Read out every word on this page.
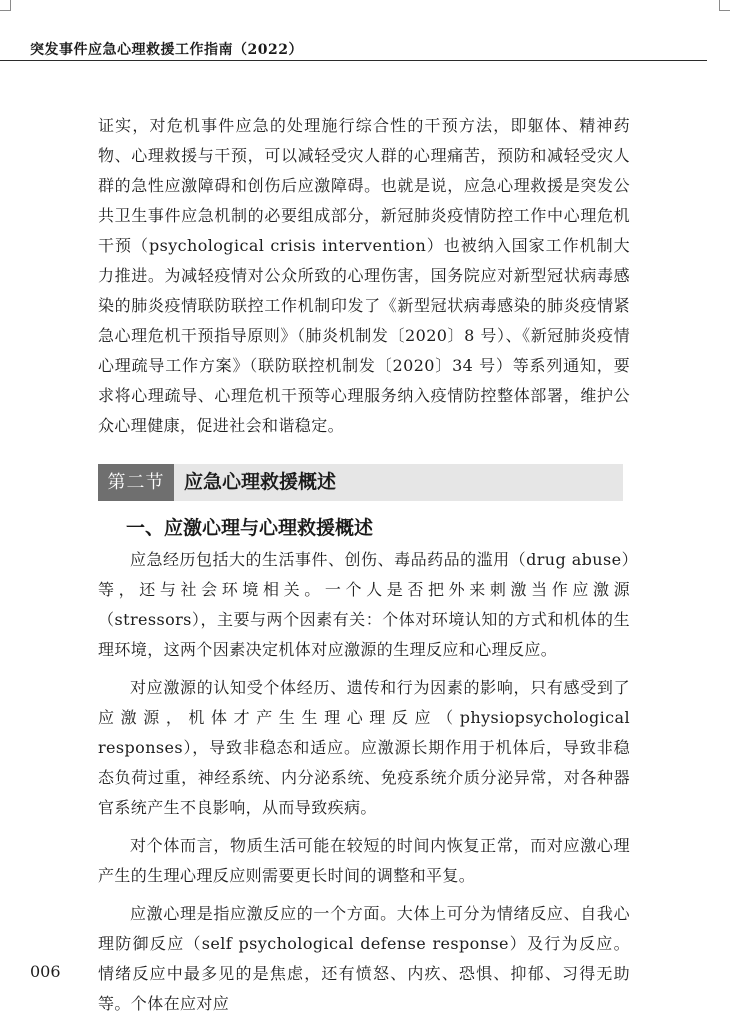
突发事件应急心理救援工作指南（2022）

证实，对危机事件应急的处理施行综合性的干预方法，即躯体、精神药物、心理救援与干预，可以减轻受灾人群的心理痛苦，预防和减轻受灾人群的急性应激障碍和创伤后应激障碍。也就是说，应急心理救援是突发公共卫生事件应急机制的必要组成部分，新冠肺炎疫情防控工作中心理危机干预（psychological crisis intervention）也被纳入国家工作机制大力推进。为减轻疫情对公众所致的心理伤害，国务院应对新型冠状病毒感染的肺炎疫情联防联控工作机制印发了《新型冠状病毒感染的肺炎疫情紧急心理危机干预指导原则》（肺炎机制发〔2020〕8 号）、《新冠肺炎疫情心理疏导工作方案》（联防联控机制发〔2020〕34 号）等系列通知，要求将心理疏导、心理危机干预等心理服务纳入疫情防控整体部署，维护公众心理健康，促进社会和谐稳定。

第二节	应急心理救援概述
一、应激心理与心理救援概述

应急经历包括大的生活事件、创伤、毒品药品的滥用（drug abuse）等，还与社会环境相关。一个人是否把外来刺激当作应激源（stressors），主要与两个因素有关：个体对环境认知的方式和机体的生理环境，这两个因素决定机体对应激源的生理反应和心理反应。

对应激源的认知受个体经历、遗传和行为因素的影响，只有感受到了应激源，机体才产生生理心理反应（physiopsychological responses），导致非稳态和适应。应激源长期作用于机体后，导致非稳态负荷过重，神经系统、内分泌系统、免疫系统介质分泌异常，对各种器官系统产生不良影响，从而导致疾病。

对个体而言，物质生活可能在较短的时间内恢复正常，而对应激心理产生的生理心理反应则需要更长时间的调整和平复。

应激心理是指应激反应的一个方面。大体上可分为情绪反应、自我心理防御反应（self psychological defense response）及行为反应。情绪反应中最多见的是焦虑，还有愤怒、内疚、恐惧、抑郁、习得无助等。个体在应对应

006
